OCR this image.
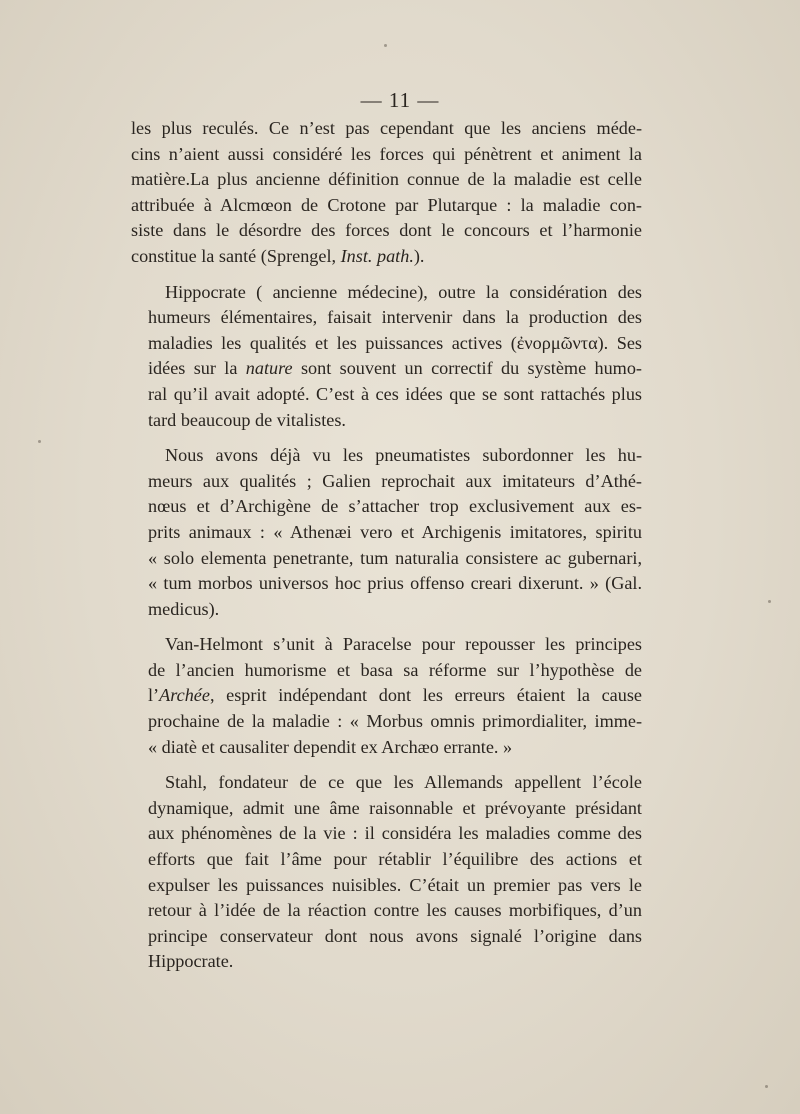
— 11 —

les plus reculés. Ce n’est pas cependant que les anciens méde-
cins n’aient aussi considéré les forces qui pénètrent et animent la
matière.La plus ancienne définition connue de la maladie est celle
attribuée à Alcmœon de Crotone par Plutarque : la maladie con-
siste dans le désordre des forces dont le concours et l’harmonie
constitue la santé (Sprengel, Inst. path.).

Hippocrate ( ancienne médecine), outre la considération des
humeurs élémentaires, faisait intervenir dans la production des
maladies les qualités et les puissances actives (ἐνορμῶντα). Ses
idées sur la nature sont souvent un correctif du système humo-
ral qu’il avait adopté. C’est à ces idées que se sont rattachés plus
tard beaucoup de vitalistes.

Nous avons déjà vu les pneumatistes subordonner les hu-
meurs aux qualités ; Galien reprochait aux imitateurs d’Athé-
nœus et d’Archigène de s’attacher trop exclusivement aux es-
prits animaux : « Athenæi vero et Archigenis imitatores, spiritu
« solo elementa penetrante, tum naturalia consistere ac gubernari,
« tum morbos universos hoc prius offenso creari dixerunt. » (Gal.
medicus).

Van-Helmont s’unit à Paracelse pour repousser les principes
de l’ancien humorisme et basa sa réforme sur l’hypothèse de
l’Archée, esprit indépendant dont les erreurs étaient la cause
prochaine de la maladie : « Morbus omnis primordialiter, imme-
« diatè et causaliter dependit ex Archæo errante. »

Stahl, fondateur de ce que les Allemands appellent l’école
dynamique, admit une âme raisonnable et prévoyante présidant
aux phénomènes de la vie : il considéra les maladies comme des
efforts que fait l’âme pour rétablir l’équilibre des actions et
expulser les puissances nuisibles. C’était un premier pas vers le
retour à l’idée de la réaction contre les causes morbifiques, d’un
principe conservateur dont nous avons signalé l’origine dans
Hippocrate.
